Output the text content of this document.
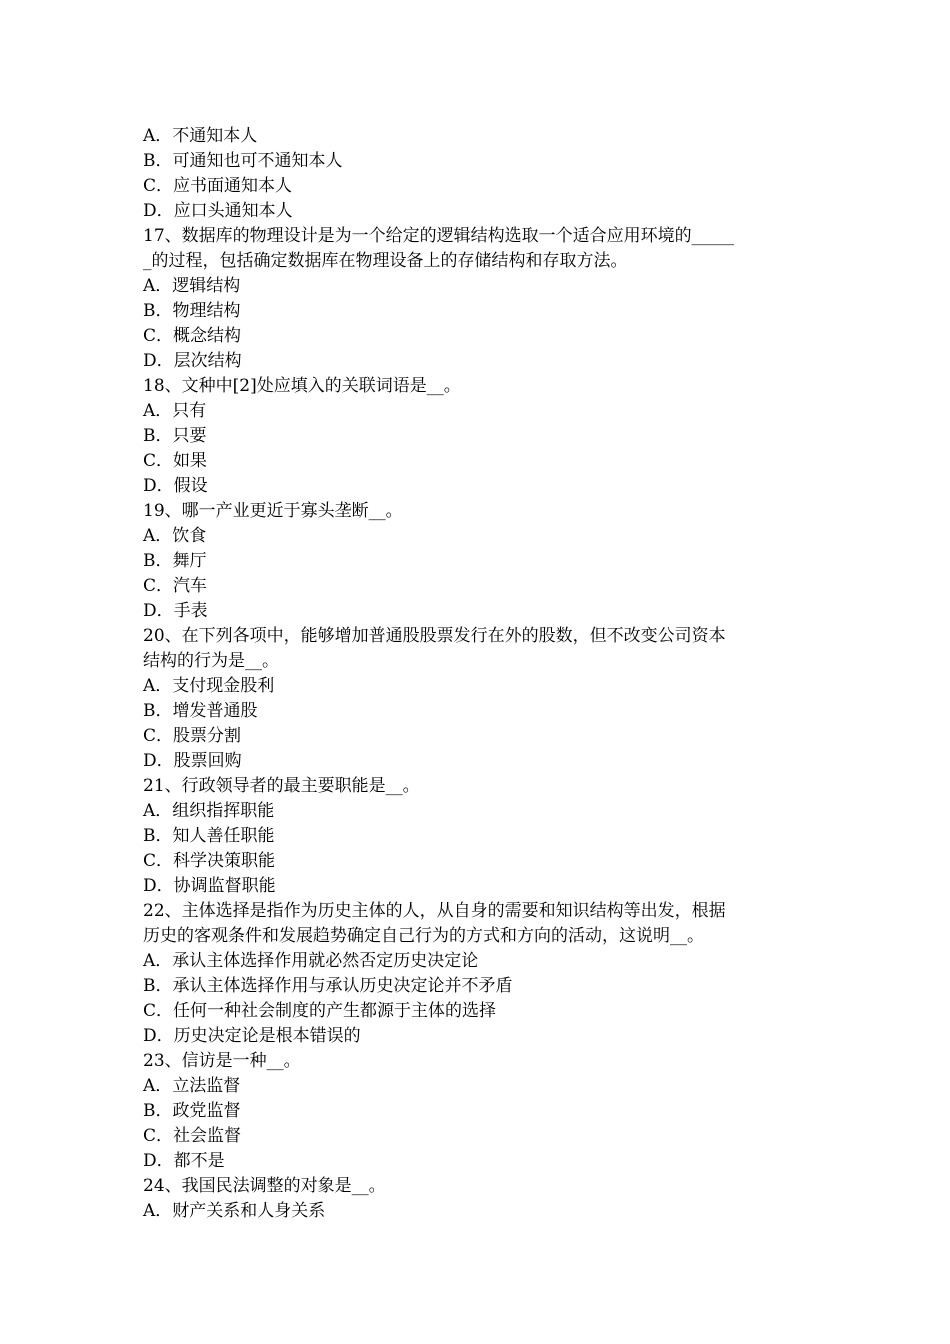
A．不通知本人

B．可通知也可不通知本人

C．应书面通知本人

D．应口头通知本人

17、数据库的物理设计是为一个给定的逻辑结构选取一个适合应用环境的_____

_的过程，包括确定数据库在物理设备上的存储结构和存取方法。

A．逻辑结构

B．物理结构

C．概念结构

D．层次结构

18、文种中[2]处应填入的关联词语是__。

A．只有

B．只要

C．如果

D．假设

19、哪一产业更近于寡头垄断__。

A．饮食

B．舞厅

C．汽车

D．手表

20、在下列各项中，能够增加普通股股票发行在外的股数，但不改变公司资本

结构的行为是__。

A．支付现金股利

B．增发普通股

C．股票分割

D．股票回购

21、行政领导者的最主要职能是__。

A．组织指挥职能

B．知人善任职能

C．科学决策职能

D．协调监督职能

22、主体选择是指作为历史主体的人，从自身的需要和知识结构等出发，根据

历史的客观条件和发展趋势确定自己行为的方式和方向的活动，这说明__。

A．承认主体选择作用就必然否定历史决定论

B．承认主体选择作用与承认历史决定论并不矛盾

C．任何一种社会制度的产生都源于主体的选择

D．历史决定论是根本错误的

23、信访是一种__。

A．立法监督

B．政党监督

C．社会监督

D．都不是

24、我国民法调整的对象是__。

A．财产关系和人身关系
